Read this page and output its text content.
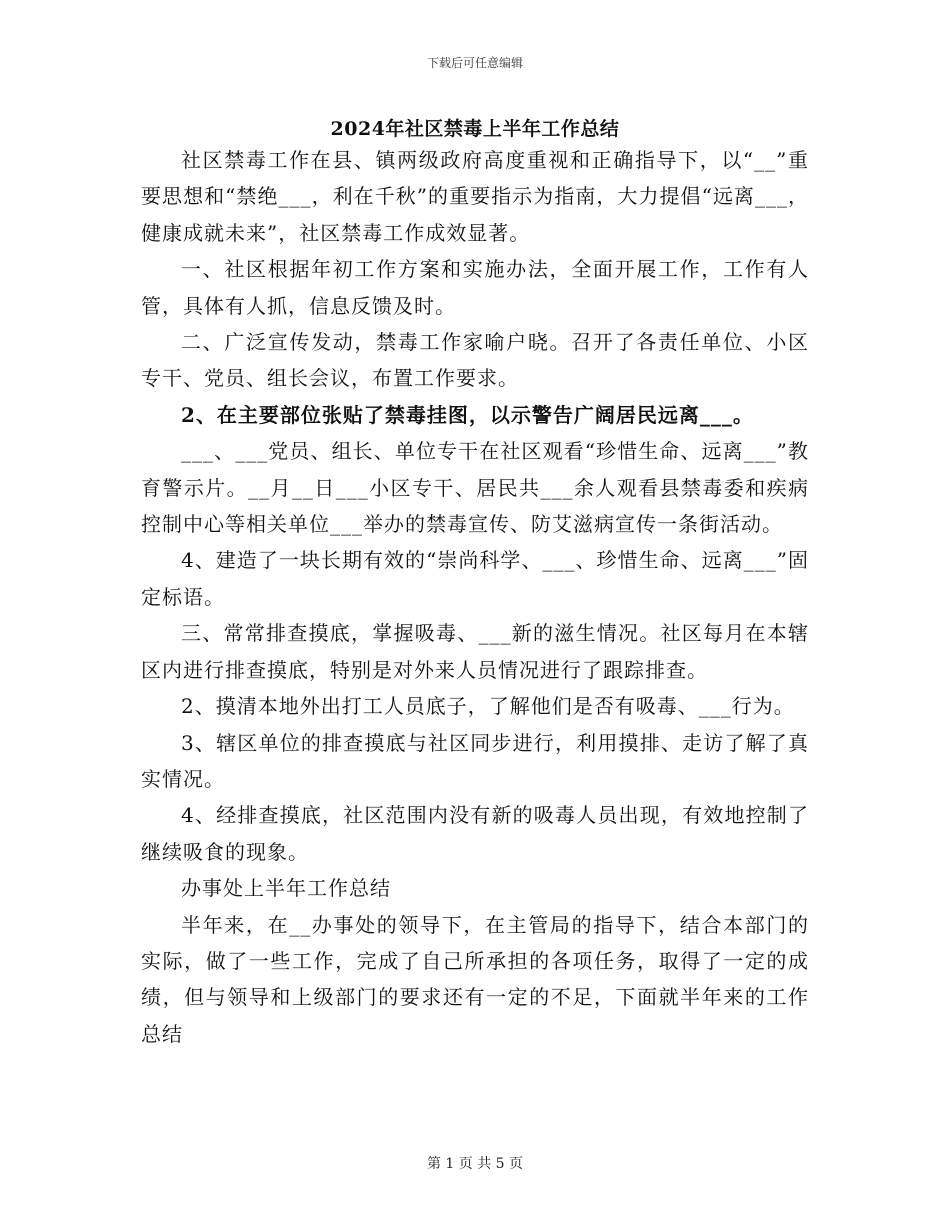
下载后可任意编辑
2024年社区禁毒上半年工作总结

社区禁毒工作在县、镇两级政府高度重视和正确指导下，以“__”重要思想和“禁绝___，利在千秋”的重要指示为指南，大力提倡“远离___，健康成就未来”，社区禁毒工作成效显著。

一、社区根据年初工作方案和实施办法，全面开展工作，工作有人管，具体有人抓，信息反馈及时。

二、广泛宣传发动，禁毒工作家喻户晓。召开了各责任单位、小区专干、党员、组长会议，布置工作要求。

2、在主要部位张贴了禁毒挂图，以示警告广阔居民远离___。

___、___党员、组长、单位专干在社区观看“珍惜生命、远离___”教育警示片。__月__日___小区专干、居民共___余人观看县禁毒委和疾病控制中心等相关单位___举办的禁毒宣传、防艾滋病宣传一条街活动。

4、建造了一块长期有效的“崇尚科学、___、珍惜生命、远离___”固定标语。

三、常常排查摸底，掌握吸毒、___新的滋生情况。社区每月在本辖区内进行排查摸底，特别是对外来人员情况进行了跟踪排查。

2、摸清本地外出打工人员底子，了解他们是否有吸毒、___行为。

3、辖区单位的排查摸底与社区同步进行，利用摸排、走访了解了真实情况。

4、经排查摸底，社区范围内没有新的吸毒人员出现，有效地控制了继续吸食的现象。

办事处上半年工作总结

半年来，在__办事处的领导下，在主管局的指导下，结合本部门的实际，做了一些工作，完成了自己所承担的各项任务，取得了一定的成绩，但与领导和上级部门的要求还有一定的不足，下面就半年来的工作总结

第 1 页 共 5 页
